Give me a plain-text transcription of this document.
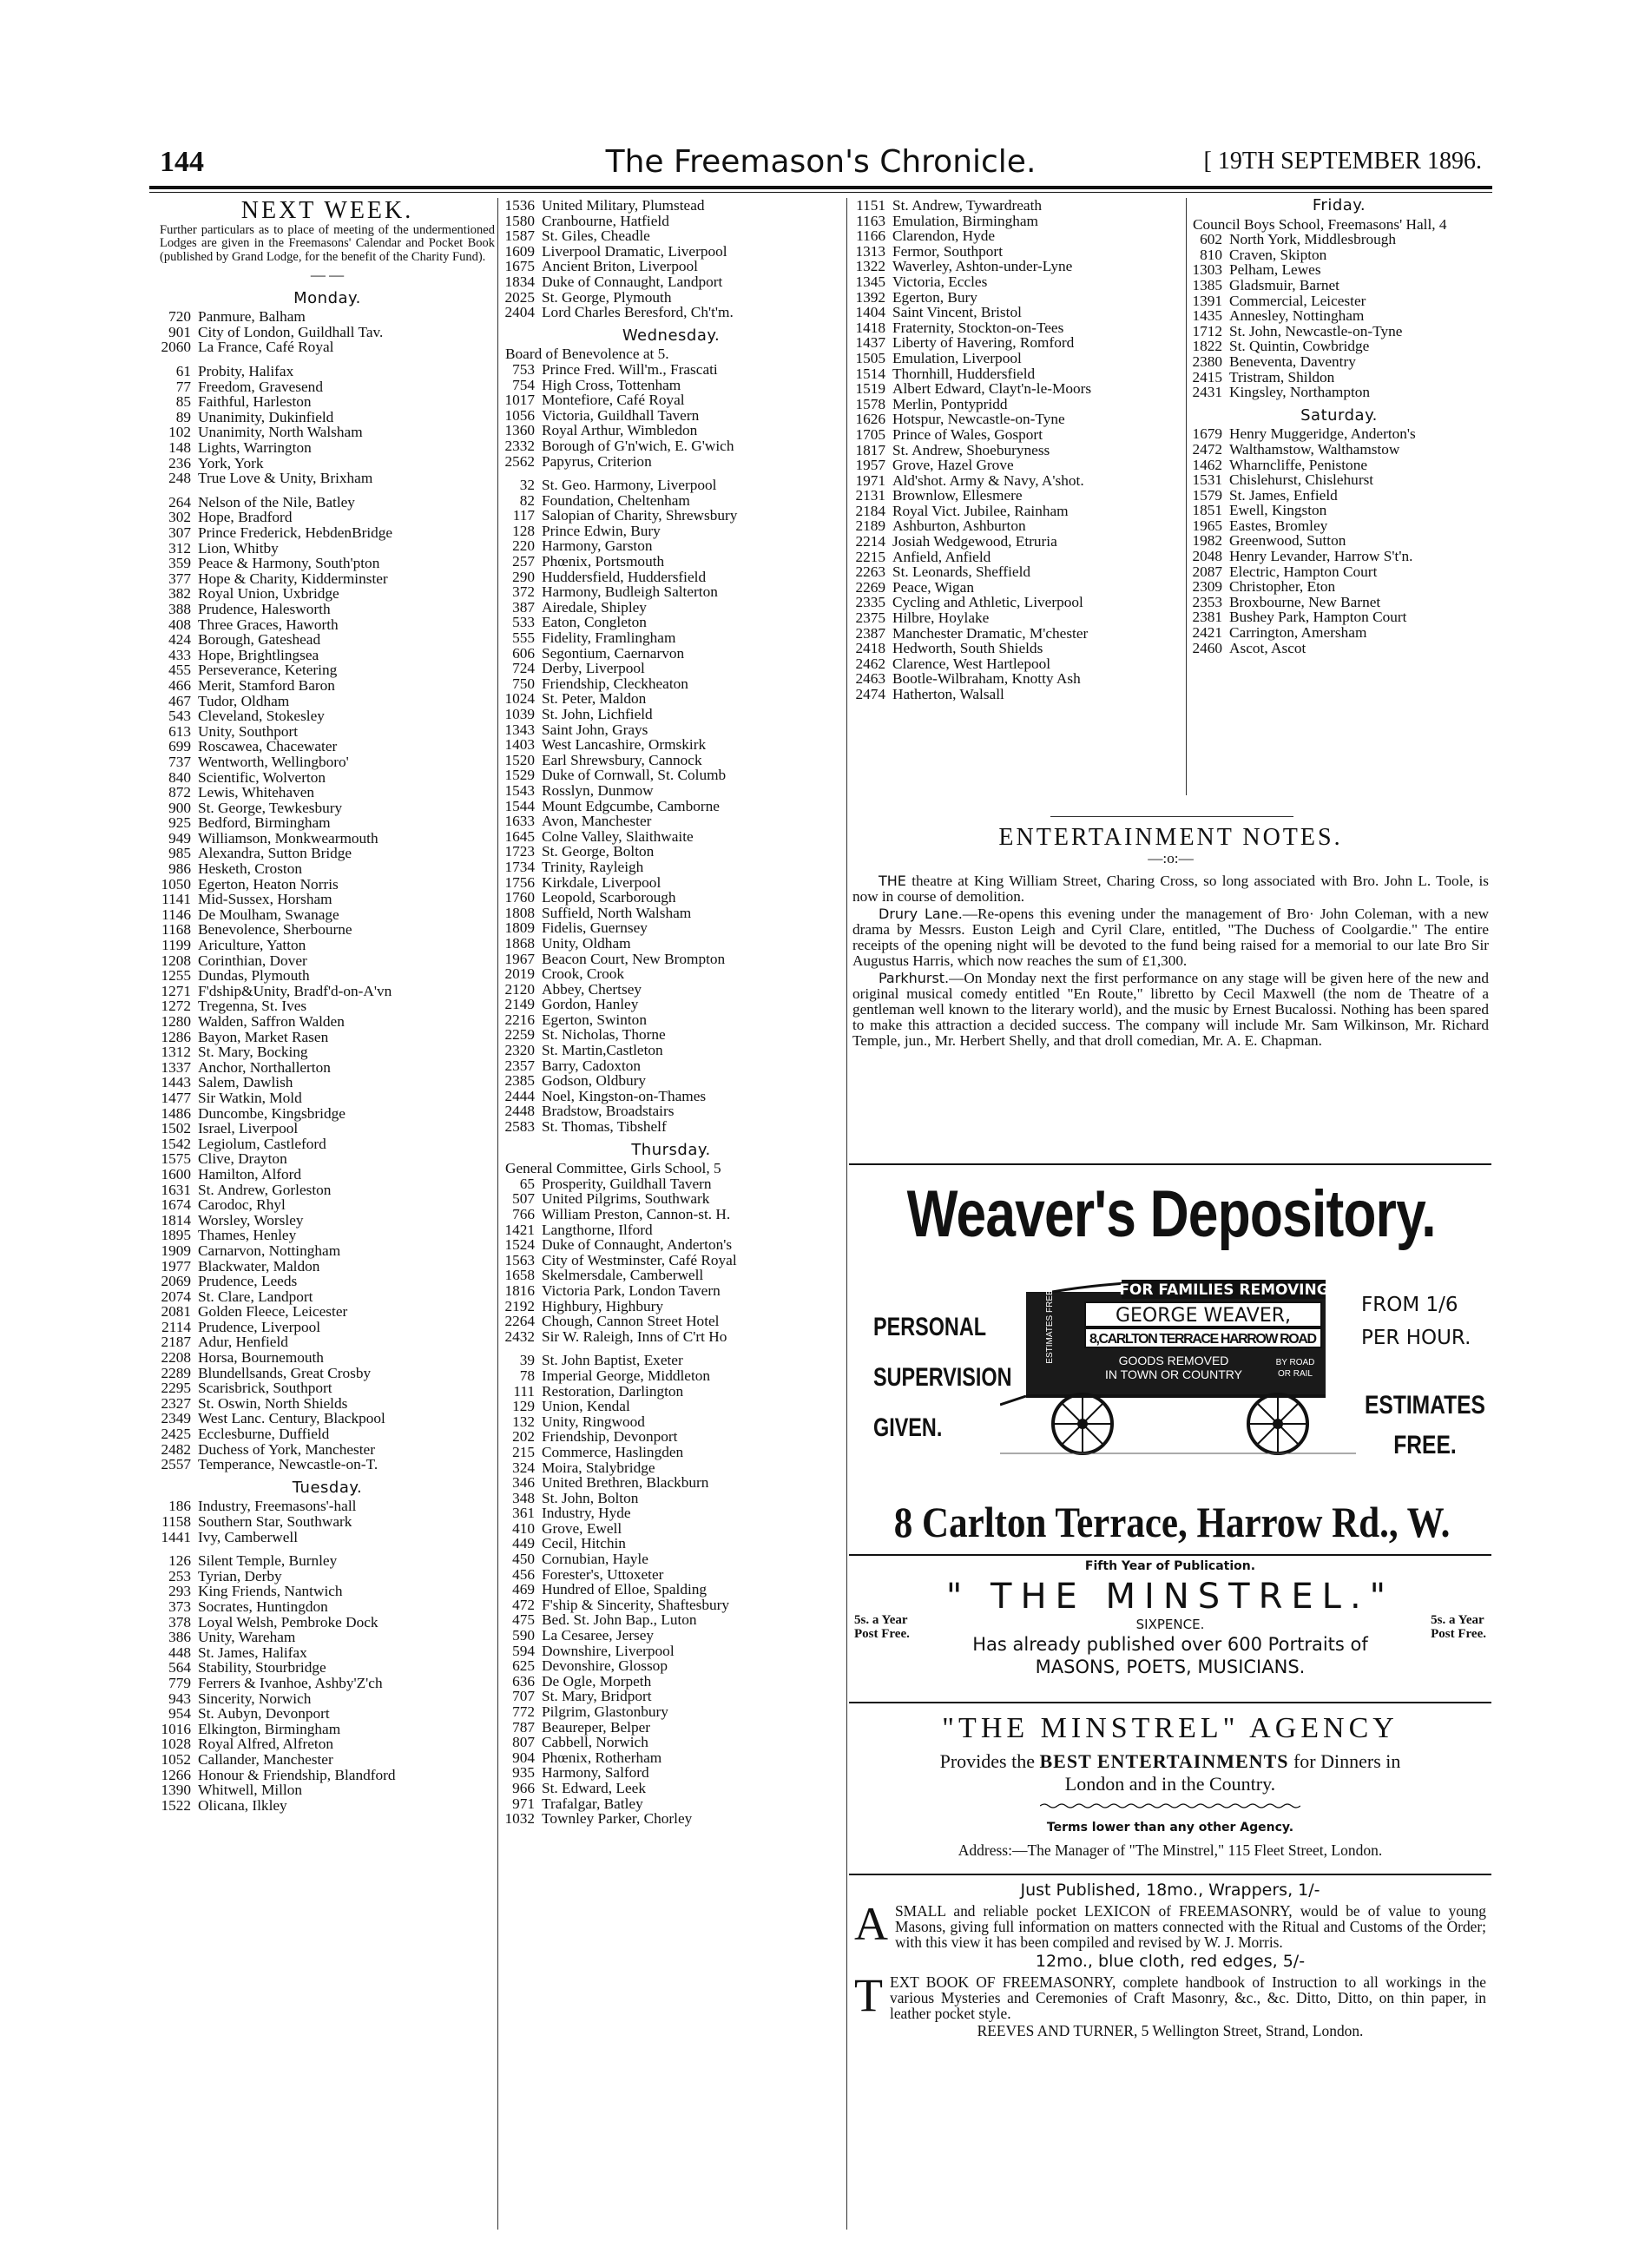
144	The Freemason's Chronicle.	[ 19TH SEPTEMBER 1896.
NEXT WEEK.
Further particulars as to place of meeting of the undermentioned Lodges are given in the Freemasons' Calendar and Pocket Book (published by Grand Lodge, for the benefit of the Charity Fund).
— —
Monday.
720 Panmure, Balham
901 City of London, Guildhall Tav.
2060 La France, Café Royal
61 Probity, Halifax
77 Freedom, Gravesend
85 Faithful, Harleston
89 Unanimity, Dukinfield
102 Unanimity, North Walsham
148 Lights, Warrington
236 York, York
248 True Love & Unity, Brixham
264 Nelson of the Nile, Batley
302 Hope, Bradford
307 Prince Frederick, HebdenBridge
312 Lion, Whitby
359 Peace & Harmony, South'pton
377 Hope & Charity, Kidderminster
382 Royal Union, Uxbridge
388 Prudence, Halesworth
408 Three Graces, Haworth
424 Borough, Gateshead
433 Hope, Brightlingsea
455 Perseverance, Ketering
466 Merit, Stamford Baron
467 Tudor, Oldham
543 Cleveland, Stokesley
613 Unity, Southport
699 Roscawea, Chacewater
737 Wentworth, Wellingboro'
840 Scientific, Wolverton
872 Lewis, Whitehaven
900 St. George, Tewkesbury
925 Bedford, Birmingham
949 Williamson, Monkwearmouth
985 Alexandra, Sutton Bridge
986 Hesketh, Croston
1050 Egerton, Heaton Norris
1141 Mid-Sussex, Horsham
1146 De Moulham, Swanage
1168 Benevolence, Sherbourne
1199 Ariculture, Yatton
1208 Corinthian, Dover
1255 Dundas, Plymouth
1271 F'dship&Unity, Bradf'd-on-A'vn
1272 Tregenna, St. Ives
1280 Walden, Saffron Walden
1286 Bayon, Market Rasen
1312 St. Mary, Bocking
1337 Anchor, Northallerton
1443 Salem, Dawlish
1477 Sir Watkin, Mold
1486 Duncombe, Kingsbridge
1502 Israel, Liverpool
1542 Legiolum, Castleford
1575 Clive, Drayton
1600 Hamilton, Alford
1631 St. Andrew, Gorleston
1674 Carodoc, Rhyl
1814 Worsley, Worsley
1895 Thames, Henley
1909 Carnarvon, Nottingham
1977 Blackwater, Maldon
2069 Prudence, Leeds
2074 St. Clare, Landport
2081 Golden Fleece, Leicester
2114 Prudence, Liverpool
2187 Adur, Henfield
2208 Horsa, Bournemouth
2289 Blundellsands, Great Crosby
2295 Scarisbrick, Southport
2327 St. Oswin, North Shields
2349 West Lanc. Century, Blackpool
2425 Ecclesburne, Duffield
2482 Duchess of York, Manchester
2557 Temperance, Newcastle-on-T.
Tuesday.
186 Industry, Freemasons'-hall
1158 Southern Star, Southwark
1441 Ivy, Camberwell
126 Silent Temple, Burnley
253 Tyrian, Derby
293 King Friends, Nantwich
373 Socrates, Huntingdon
378 Loyal Welsh, Pembroke Dock
386 Unity, Wareham
448 St. James, Halifax
564 Stability, Stourbridge
779 Ferrers & Ivanhoe, Ashby'Z'ch
943 Sincerity, Norwich
954 St. Aubyn, Devonport
1016 Elkington, Birmingham
1028 Royal Alfred, Alfreton
1052 Callander, Manchester
1266 Honour & Friendship, Blandford
1390 Whitwell, Millon
1522 Olicana, Ilkley
1536 United Military, Plumstead
1580 Cranbourne, Hatfield
1587 St. Giles, Cheadle
1609 Liverpool Dramatic, Liverpool
1675 Ancient Briton, Liverpool
1834 Duke of Connaught, Landport
2025 St. George, Plymouth
2404 Lord Charles Beresford, Ch't'm.
Wednesday.
Board of Benevolence at 5.
753 Prince Fred. Will'm., Frascati
754 High Cross, Tottenham
1017 Montefiore, Café Royal
1056 Victoria, Guildhall Tavern
1360 Royal Arthur, Wimbledon
2332 Borough of G'n'wich, E. G'wich
2562 Papyrus, Criterion
32 St. Geo. Harmony, Liverpool
82 Foundation, Cheltenham
117 Salopian of Charity, Shrewsbury
128 Prince Edwin, Bury
220 Harmony, Garston
257 Phœnix, Portsmouth
290 Huddersfield, Huddersfield
372 Harmony, Budleigh Salterton
387 Airedale, Shipley
533 Eaton, Congleton
555 Fidelity, Framlingham
606 Segontium, Caernarvon
724 Derby, Liverpool
750 Friendship, Cleckheaton
1024 St. Peter, Maldon
1039 St. John, Lichfield
1343 Saint John, Grays
1403 West Lancashire, Ormskirk
1520 Earl Shrewsbury, Cannock
1529 Duke of Cornwall, St. Columb
1543 Rosslyn, Dunmow
1544 Mount Edgcumbe, Camborne
1633 Avon, Manchester
1645 Colne Valley, Slaithwaite
1723 St. George, Bolton
1734 Trinity, Rayleigh
1756 Kirkdale, Liverpool
1760 Leopold, Scarborough
1808 Suffield, North Walsham
1809 Fidelis, Guernsey
1868 Unity, Oldham
1967 Beacon Court, New Brompton
2019 Crook, Crook
2120 Abbey, Chertsey
2149 Gordon, Hanley
2216 Egerton, Swinton
2259 St. Nicholas, Thorne
2320 St. Martin,Castleton
2357 Barry, Cadoxton
2385 Godson, Oldbury
2444 Noel, Kingston-on-Thames
2448 Bradstow, Broadstairs
2583 St. Thomas, Tibshelf
Thursday.
General Committee, Girls School, 5
65 Prosperity, Guildhall Tavern
507 United Pilgrims, Southwark
766 William Preston, Cannon-st. H.
1421 Langthorne, Ilford
1524 Duke of Connaught, Anderton's
1563 City of Westminster, Café Royal
1658 Skelmersdale, Camberwell
1816 Victoria Park, London Tavern
2192 Highbury, Highbury
2264 Chough, Cannon Street Hotel
2432 Sir W. Raleigh, Inns of C'rt Ho
39 St. John Baptist, Exeter
78 Imperial George, Middleton
111 Restoration, Darlington
129 Union, Kendal
132 Unity, Ringwood
202 Friendship, Devonport
215 Commerce, Haslingden
324 Moira, Stalybridge
346 United Brethren, Blackburn
348 St. John, Bolton
361 Industry, Hyde
410 Grove, Ewell
449 Cecil, Hitchin
450 Cornubian, Hayle
456 Forester's, Uttoxeter
469 Hundred of Elloe, Spalding
472 F'ship & Sincerity, Shaftesbury
475 Bed. St. John Bap., Luton
590 La Cesaree, Jersey
594 Downshire, Liverpool
625 Devonshire, Glossop
636 De Ogle, Morpeth
707 St. Mary, Bridport
772 Pilgrim, Glastonbury
787 Beaureper, Belper
807 Cabbell, Norwich
904 Phœnix, Rotherham
935 Harmony, Salford
966 St. Edward, Leek
971 Trafalgar, Batley
1032 Townley Parker, Chorley
1151 St. Andrew, Tywardreath
1163 Emulation, Birmingham
1166 Clarendon, Hyde
1313 Fermor, Southport
1322 Waverley, Ashton-under-Lyne
1345 Victoria, Eccles
1392 Egerton, Bury
1404 Saint Vincent, Bristol
1418 Fraternity, Stockton-on-Tees
1437 Liberty of Havering, Romford
1505 Emulation, Liverpool
1514 Thornhill, Huddersfield
1519 Albert Edward, Clayt'n-le-Moors
1578 Merlin, Pontypridd
1626 Hotspur, Newcastle-on-Tyne
1705 Prince of Wales, Gosport
1817 St. Andrew, Shoeburyness
1957 Grove, Hazel Grove
1971 Ald'shot. Army & Navy, A'shot.
2131 Brownlow, Ellesmere
2184 Royal Vict. Jubilee, Rainham
2189 Ashburton, Ashburton
2214 Josiah Wedgewood, Etruria
2215 Anfield, Anfield
2263 St. Leonards, Sheffield
2269 Peace, Wigan
2335 Cycling and Athletic, Liverpool
2375 Hilbre, Hoylake
2387 Manchester Dramatic, M'chester
2418 Hedworth, South Shields
2462 Clarence, West Hartlepool
2463 Bootle-Wilbraham, Knotty Ash
2474 Hatherton, Walsall
Friday.
Council Boys School, Freemasons' Hall, 4
602 North York, Middlesbrough
810 Craven, Skipton
1303 Pelham, Lewes
1385 Gladsmuir, Barnet
1391 Commercial, Leicester
1435 Annesley, Nottingham
1712 St. John, Newcastle-on-Tyne
1822 St. Quintin, Cowbridge
2380 Beneventa, Daventry
2415 Tristram, Shildon
2431 Kingsley, Northampton
Saturday.
1679 Henry Muggeridge, Anderton's
2472 Walthamstow, Walthamstow
1462 Wharncliffe, Penistone
1531 Chislehurst, Chislehurst
1579 St. James, Enfield
1851 Ewell, Kingston
1965 Eastes, Bromley
1982 Greenwood, Sutton
2048 Henry Levander, Harrow S't'n.
2087 Electric, Hampton Court
2309 Christopher, Eton
2353 Broxbourne, New Barnet
2381 Bushey Park, Hampton Court
2421 Carrington, Amersham
2460 Ascot, Ascot
ENTERTAINMENT NOTES.
—:o:—

THE theatre at King William Street, Charing Cross, so long associated with Bro. John L. Toole, is now in course of demolition.

Drury Lane.—Re-opens this evening under the management of Bro· John Coleman, with a new drama by Messrs. Euston Leigh and Cyril Clare, entitled, "The Duchess of Coolgardie." The entire receipts of the opening night will be devoted to the fund being raised for a memorial to our late Bro Sir Augustus Harris, which now reaches the sum of £1,300.

Parkhurst.—On Monday next the first performance on any stage will be given here of the new and original musical comedy entitled "En Route," libretto by Cecil Maxwell (the nom de Theatre of a gentleman well known to the literary world), and the music by Ernest Bucalossi. Nothing has been spared to make this attraction a decided success. The company will include Mr. Sam Wilkinson, Mr. Richard Temple, jun., Mr. Herbert Shelly, and that droll comedian, Mr. A. E. Chapman.

Weaver's Depository.
PERSONAL
SUPERVISION
GIVEN.
FOR FAMILIES REMOVING
GEORGE WEAVER,
8,CARLTON TERRACE HARROW ROAD
GOODS REMOVED
IN TOWN OR COUNTRY
BY ROAD
OR RAIL
ESTIMATES FREE	FROM 1/6
PER HOUR.
ESTIMATES
FREE.
8 Carlton Terrace, Harrow Rd., W.
Fifth Year of Publication.
" THE MINSTREL."
5s. a Year
Post Free.
5s. a Year
Post Free.
SIXPENCE.
Has already published over 600 Portraits of
MASONS, POETS, MUSICIANS.
"THE MINSTREL" AGENCY
Provides the BEST ENTERTAINMENTS for Dinners in
London and in the Country.
Terms lower than any other Agency.
Address:—The Manager of "The Minstrel," 115 Fleet Street, London.
Just Published, 18mo., Wrappers, 1/-
ASMALL and reliable pocket LEXICON of FREEMASONRY, would be of value to young Masons, giving full information on matters connected with the Ritual and Customs of the Order; with this view it has been compiled and revised by W. J. Morris.
12mo., blue cloth, red edges, 5/-
TEXT BOOK OF FREEMASONRY, complete handbook of Instruction to all workings in the various Mysteries and Ceremonies of Craft Masonry, &c., &c. Ditto, Ditto, on thin paper, in leather pocket style.
REEVES AND TURNER, 5 Wellington Street, Strand, London.
